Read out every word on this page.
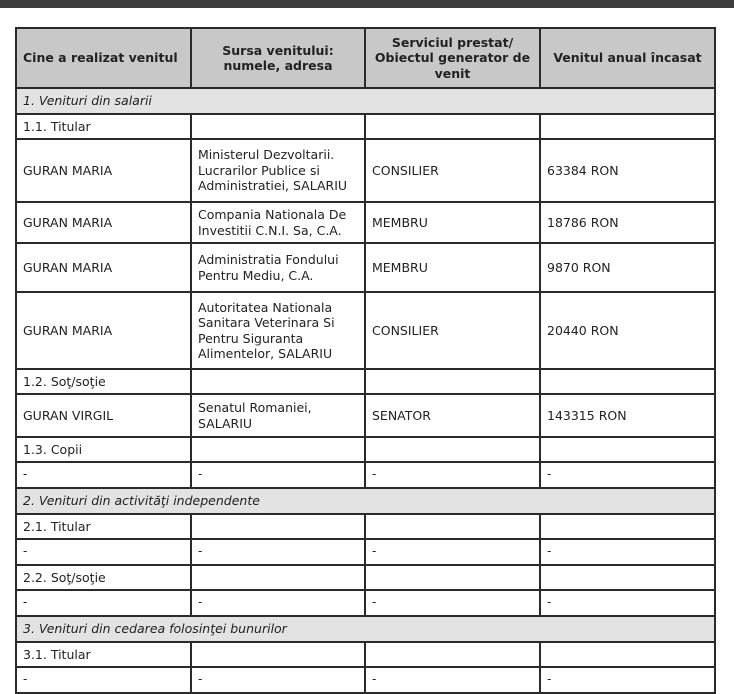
Cine a realizat venitul	Sursa venitului: numele, adresa	Serviciul prestat/ Obiectul generator de venit	Venitul anual încasat
1. Venituri din salarii			
1.1. Titular			
GURAN MARIA	Ministerul Dezvoltarii. Lucrarilor Publice si Administratiei, SALARIU	CONSILIER	63384 RON
GURAN MARIA	Compania Nationala De Investitii C.N.I. Sa, C.A.	MEMBRU	18786 RON
GURAN MARIA	Administratia Fondului Pentru Mediu, C.A.	MEMBRU	9870 RON
GURAN MARIA	Autoritatea Nationala Sanitara Veterinara Si Pentru Siguranta Alimentelor, SALARIU	CONSILIER	20440 RON
1.2. Soţ/soţie			
GURAN VIRGIL	Senatul Romaniei, SALARIU	SENATOR	143315 RON
1.3. Copii			
-	-	-	-
2. Venituri din activităţi independente			
2.1. Titular			
-	-	-	-
2.2. Soţ/soţie			
-	-	-	-
3. Venituri din cedarea folosinţei bunurilor			
3.1. Titular			
-	-	-	-
